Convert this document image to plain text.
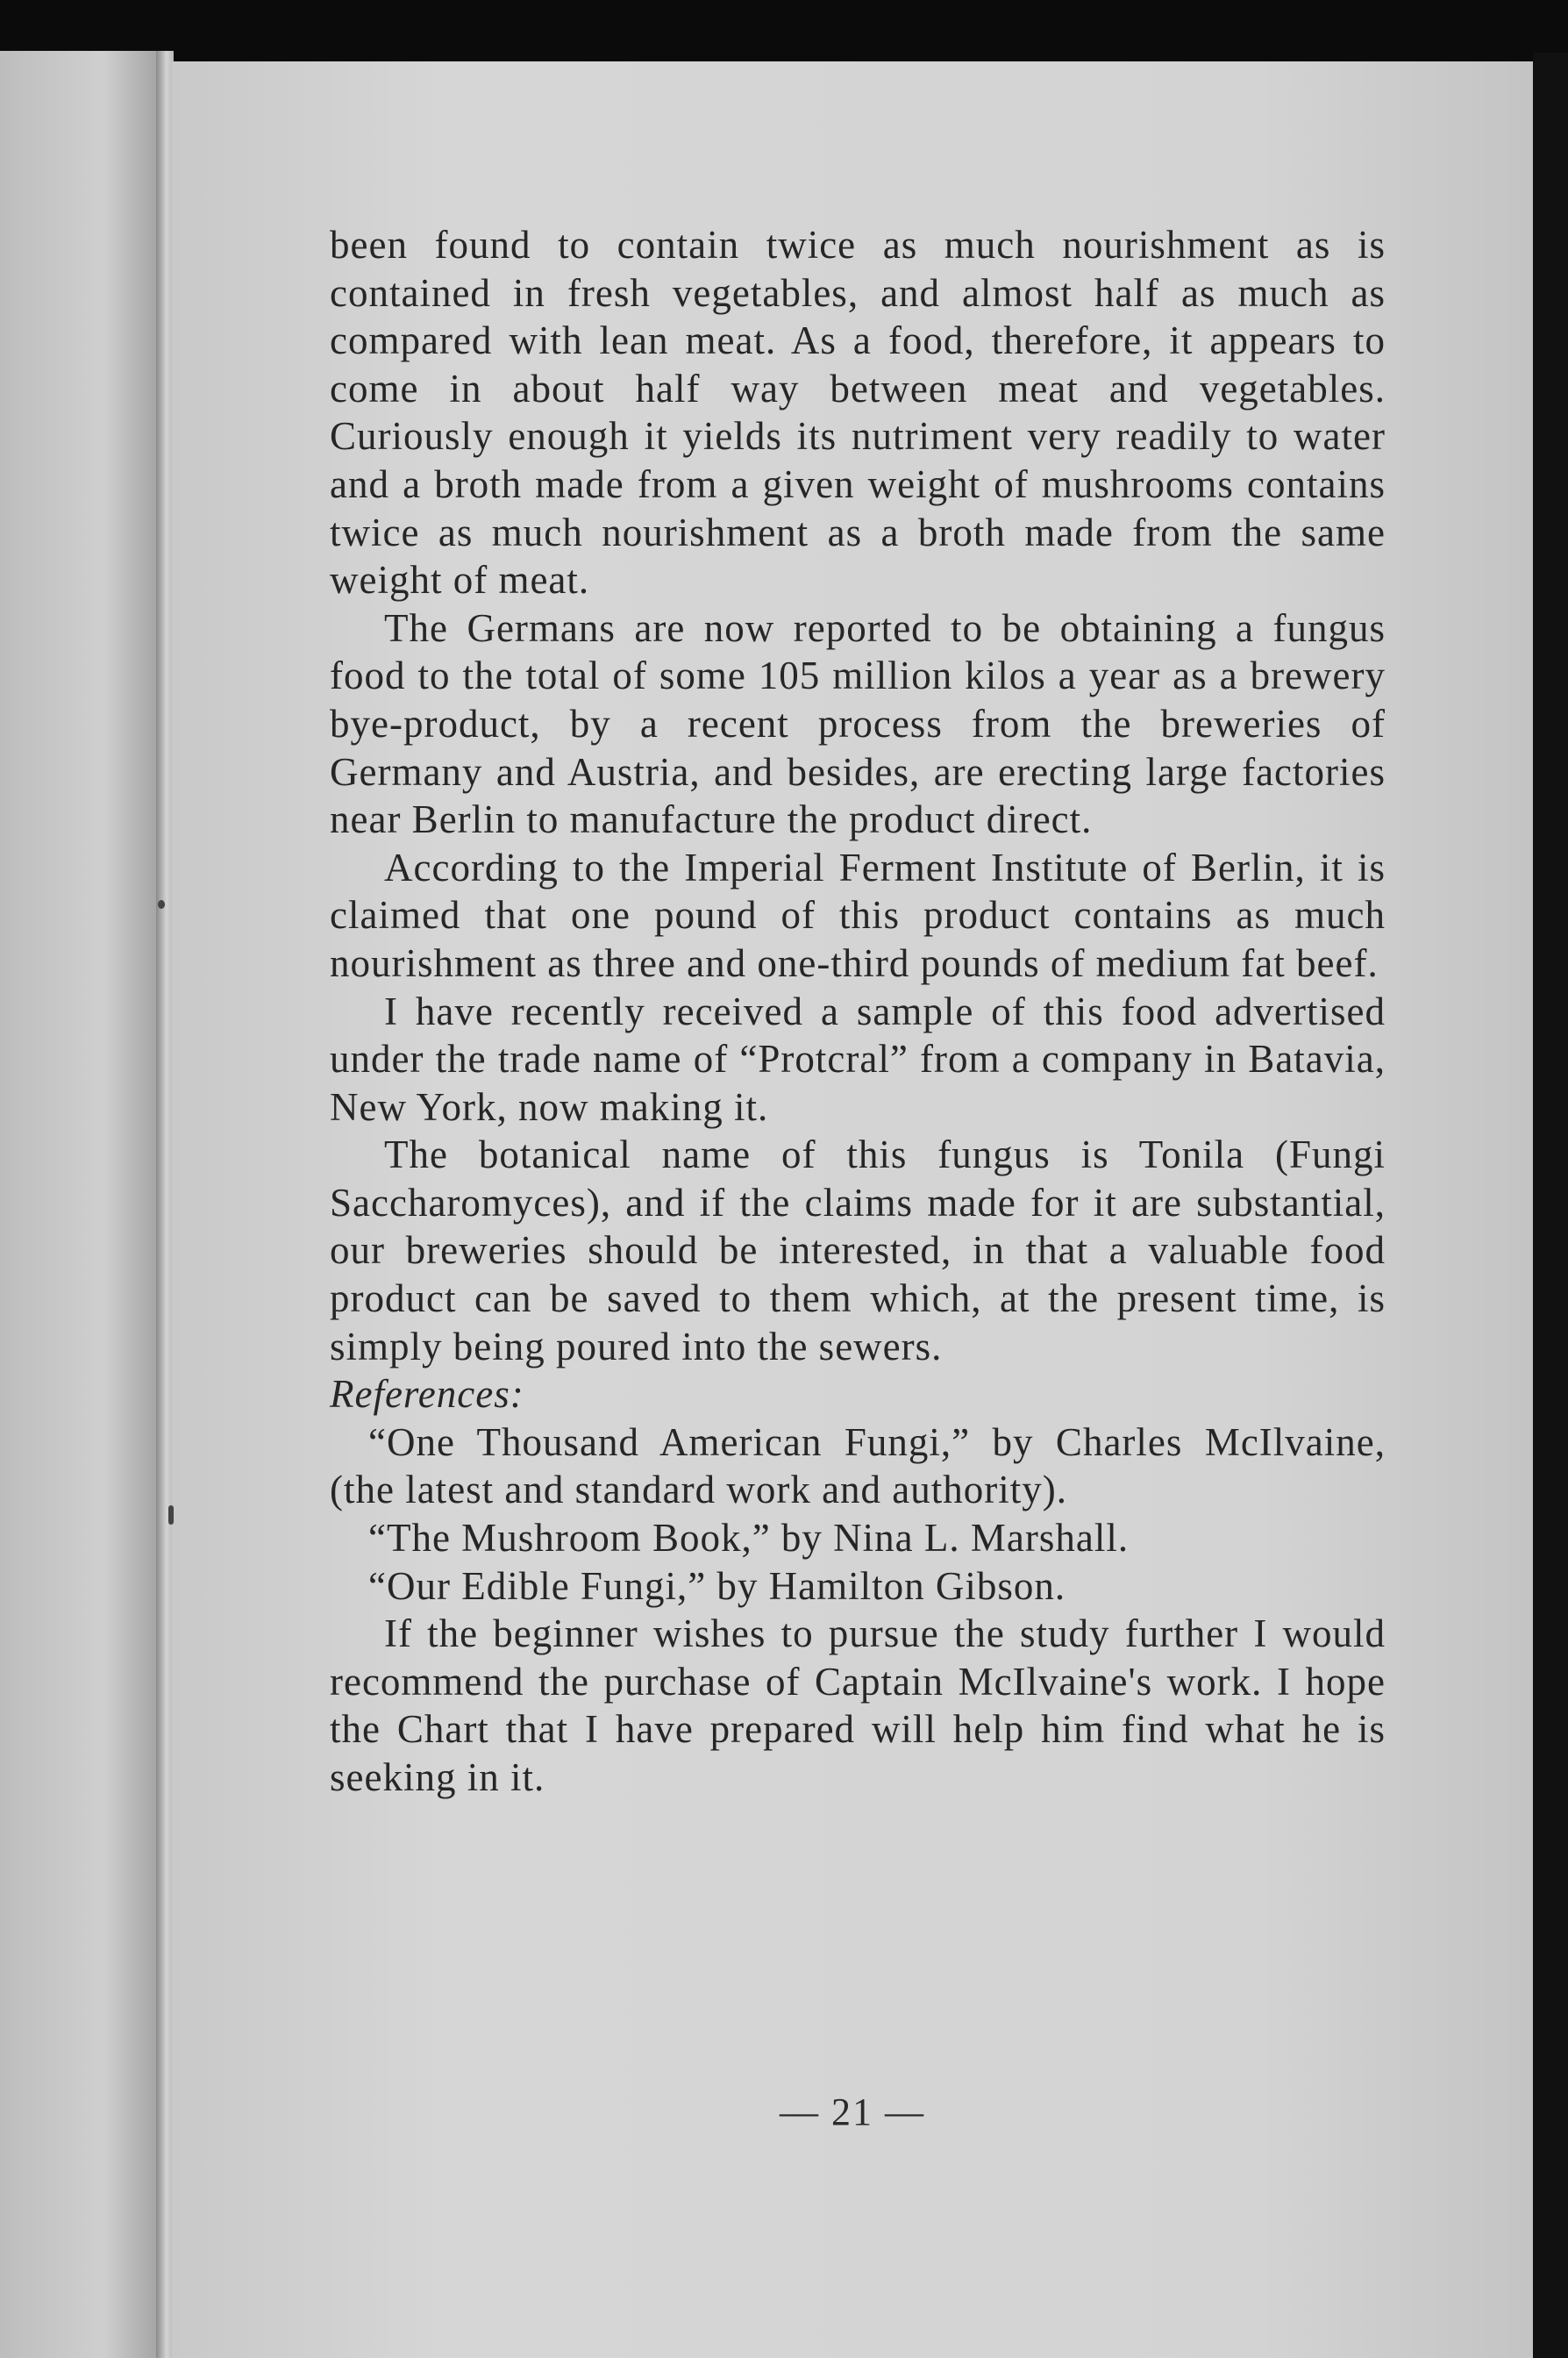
been found to contain twice as much nourishment as is contained in fresh vegetables, and almost half as much as compared with lean meat. As a food, therefore, it appears to come in about half way between meat and vegetables. Curiously enough it yields its nutriment very readily to water and a broth made from a given weight of mushrooms contains twice as much nourishment as a broth made from the same weight of meat.

The Germans are now reported to be obtaining a fungus food to the total of some 105 million kilos a year as a brewery bye-product, by a recent process from the breweries of Germany and Austria, and besides, are erecting large factories near Berlin to manufacture the product direct.

According to the Imperial Ferment Institute of Berlin, it is claimed that one pound of this product contains as much nourishment as three and one-third pounds of medium fat beef.

I have recently received a sample of this food advertised under the trade name of “Protcral” from a company in Batavia, New York, now making it.

The botanical name of this fungus is Tonila (Fungi Saccharomyces), and if the claims made for it are substantial, our breweries should be interested, in that a valuable food product can be saved to them which, at the present time, is simply being poured into the sewers.

References:

“One Thousand American Fungi,” by Charles McIlvaine, (the latest and standard work and authority).

“The Mushroom Book,” by Nina L. Marshall.

“Our Edible Fungi,” by Hamilton Gibson.

If the beginner wishes to pursue the study further I would recommend the purchase of Captain McIlvaine's work. I hope the Chart that I have prepared will help him find what he is seeking in it.

— 21 —
